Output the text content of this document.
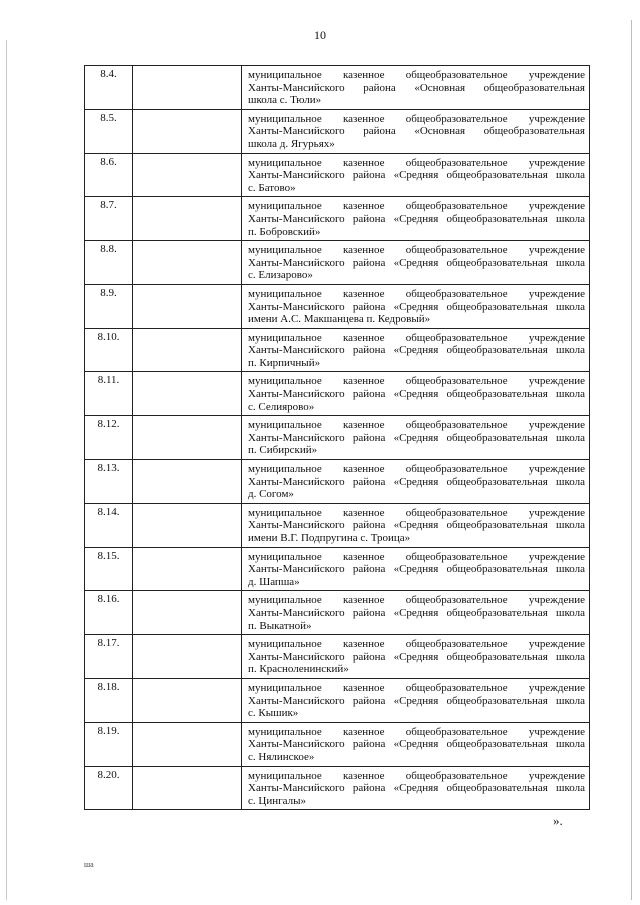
10
8.4.		муниципальное казенное общеобразовательное учреждение
Ханты-Мансийского района «Основная общеобразовательная
школа с. Тюли»

8.5.		муниципальное казенное общеобразовательное учреждение
Ханты-Мансийского района «Основная общеобразовательная
школа д. Ягурьях»

8.6.		муниципальное казенное общеобразовательное учреждение
Ханты-Мансийского района «Средняя общеобразовательная школа
с. Батово»

8.7.		муниципальное казенное общеобразовательное учреждение
Ханты-Мансийского района «Средняя общеобразовательная школа
п. Бобровский»

8.8.		муниципальное казенное общеобразовательное учреждение
Ханты-Мансийского района «Средняя общеобразовательная школа
с. Елизарово»

8.9.		муниципальное казенное общеобразовательное учреждение
Ханты-Мансийского района «Средняя общеобразовательная школа
имени А.С. Макшанцева п. Кедровый»

8.10.		муниципальное казенное общеобразовательное учреждение
Ханты-Мансийского района «Средняя общеобразовательная школа
п. Кирпичный»

8.11.		муниципальное казенное общеобразовательное учреждение
Ханты-Мансийского района «Средняя общеобразовательная школа
с. Селиярово»

8.12.		муниципальное казенное общеобразовательное учреждение
Ханты-Мансийского района «Средняя общеобразовательная школа
п. Сибирский»

8.13.		муниципальное казенное общеобразовательное учреждение
Ханты-Мансийского района «Средняя общеобразовательная школа
д. Согом»

8.14.		муниципальное казенное общеобразовательное учреждение
Ханты-Мансийского района «Средняя общеобразовательная школа
имени В.Г. Подпругина с. Троица»

8.15.		муниципальное казенное общеобразовательное учреждение
Ханты-Мансийского района «Средняя общеобразовательная школа
д. Шапша»

8.16.		муниципальное казенное общеобразовательное учреждение
Ханты-Мансийского района «Средняя общеобразовательная школа
п. Выкатной»

8.17.		муниципальное казенное общеобразовательное учреждение
Ханты-Мансийского района «Средняя общеобразовательная школа
п. Красноленинский»

8.18.		муниципальное казенное общеобразовательное учреждение
Ханты-Мансийского района «Средняя общеобразовательная школа
с. Кышик»

8.19.		муниципальное казенное общеобразовательное учреждение
Ханты-Мансийского района «Средняя общеобразовательная школа
с. Нялинское»

8.20.		муниципальное казенное общеобразовательное учреждение
Ханты-Мансийского района «Средняя общеобразовательная школа
с. Цингалы»
».
ша
